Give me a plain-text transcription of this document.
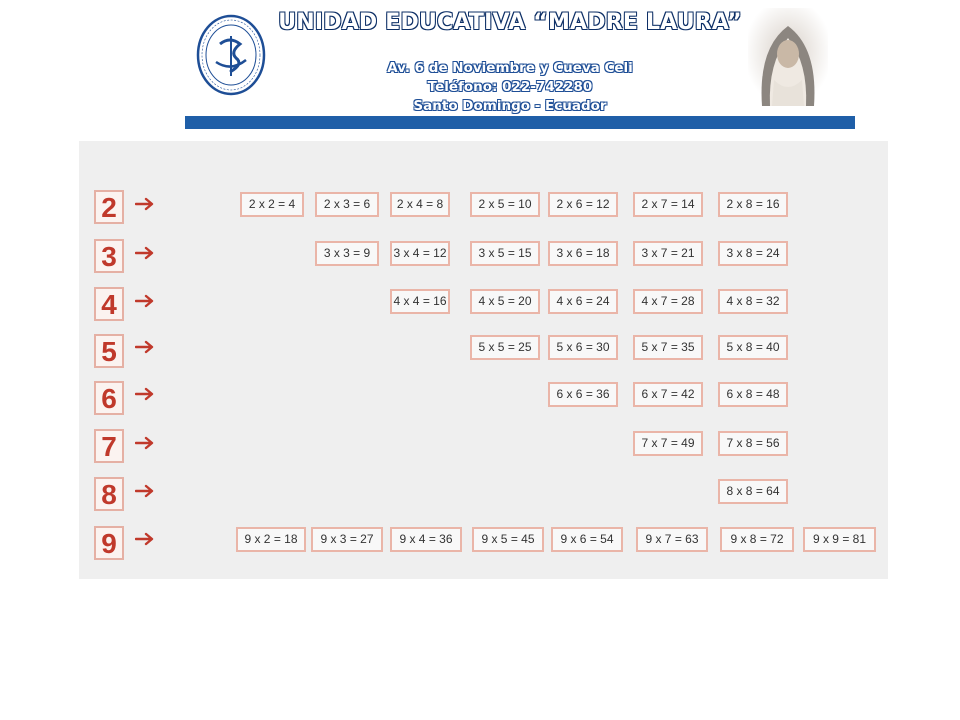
UNIDAD EDUCATIVA “MADRE LAURA”
Av. 6 de Noviembre y Cueva Celi
Teléfono: 022-742280
Santo Domingo - Ecuador
2	2 x 2 = 4	2 x 3 = 6	2 x 4 = 8	2 x 5 = 10	2 x 6 = 12	2 x 7 = 14	2 x 8 = 16
3	3 x 3 = 9	3 x 4 = 12	3 x 5 = 15	3 x 6 = 18	3 x 7 = 21	3 x 8 = 24
4	4 x 4 = 16	4 x 5 = 20	4 x 6 = 24	4 x 7 = 28	4 x 8 = 32
5	5 x 5 = 25	5 x 6 = 30	5 x 7 = 35	5 x 8 = 40
6	6 x 6 = 36	6 x 7 = 42	6 x 8 = 48
7	7 x 7 = 49	7 x 8 = 56
8	8 x 8 = 64
9	9 x 2 = 18	9 x 3 = 27	9 x 4 = 36	9 x 5 = 45	9 x 6 = 54	9 x 7 = 63	9 x 8 = 72	9 x 9 = 81
